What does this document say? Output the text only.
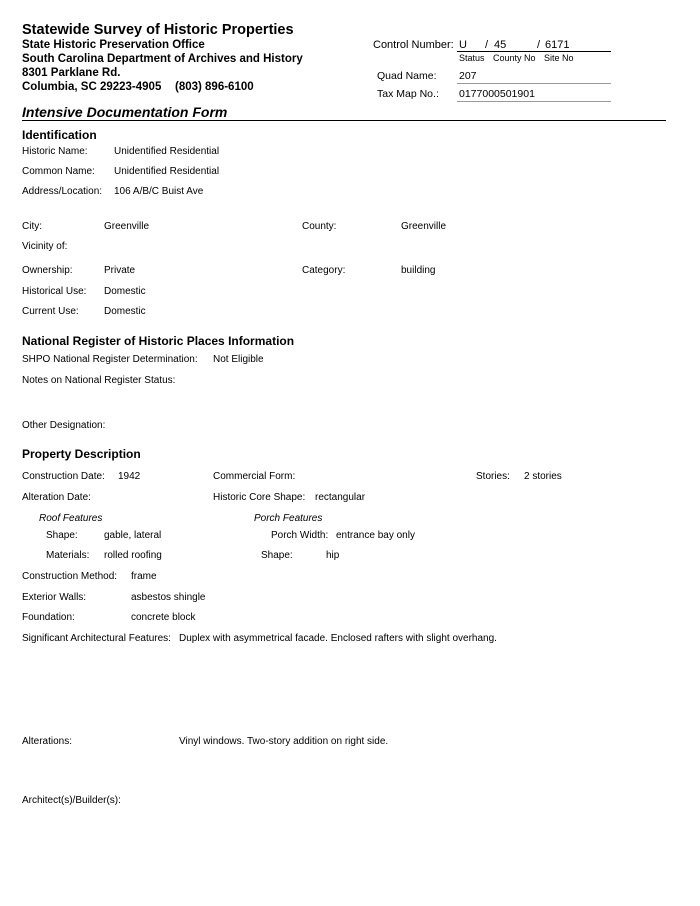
Statewide Survey of Historic Properties
State Historic Preservation Office
South Carolina Department of Archives and History
8301 Parklane Rd.
Columbia, SC 29223-4905 (803) 896-6100
Control Number: U / 45	/ 6171
Status County No Site No
Quad Name: 207
Tax Map No.: 0177000501901
Intensive Documentation Form
Identification
Historic Name:	Unidentified Residential
Common Name: Unidentified Residential
Address/Location: 106 A/B/C Buist Ave
City:	Greenville	County:	Greenville
Vicinity of:
Ownership:	Private	Category:	building
Historical Use: Domestic
Current Use:	Domestic
National Register of Historic Places Information
SHPO National Register Determination: Not Eligible
Notes on National Register Status:
Other Designation:
Property Description
Construction Date: 1942	Commercial Form:	Stories: 2 stories
Alteration Date:	Historic Core Shape: rectangular
Roof Features	Porch Features
Shape:	gable, lateral	Porch Width: entrance bay only
Materials: rolled roofing	Shape:	hip
Construction Method: frame
Exterior Walls:	asbestos shingle
Foundation:	concrete block
Significant Architectural Features: Duplex with asymmetrical facade. Enclosed rafters with slight overhang.
Alterations:	Vinyl windows. Two-story addition on right side.
Architect(s)/Builder(s):
